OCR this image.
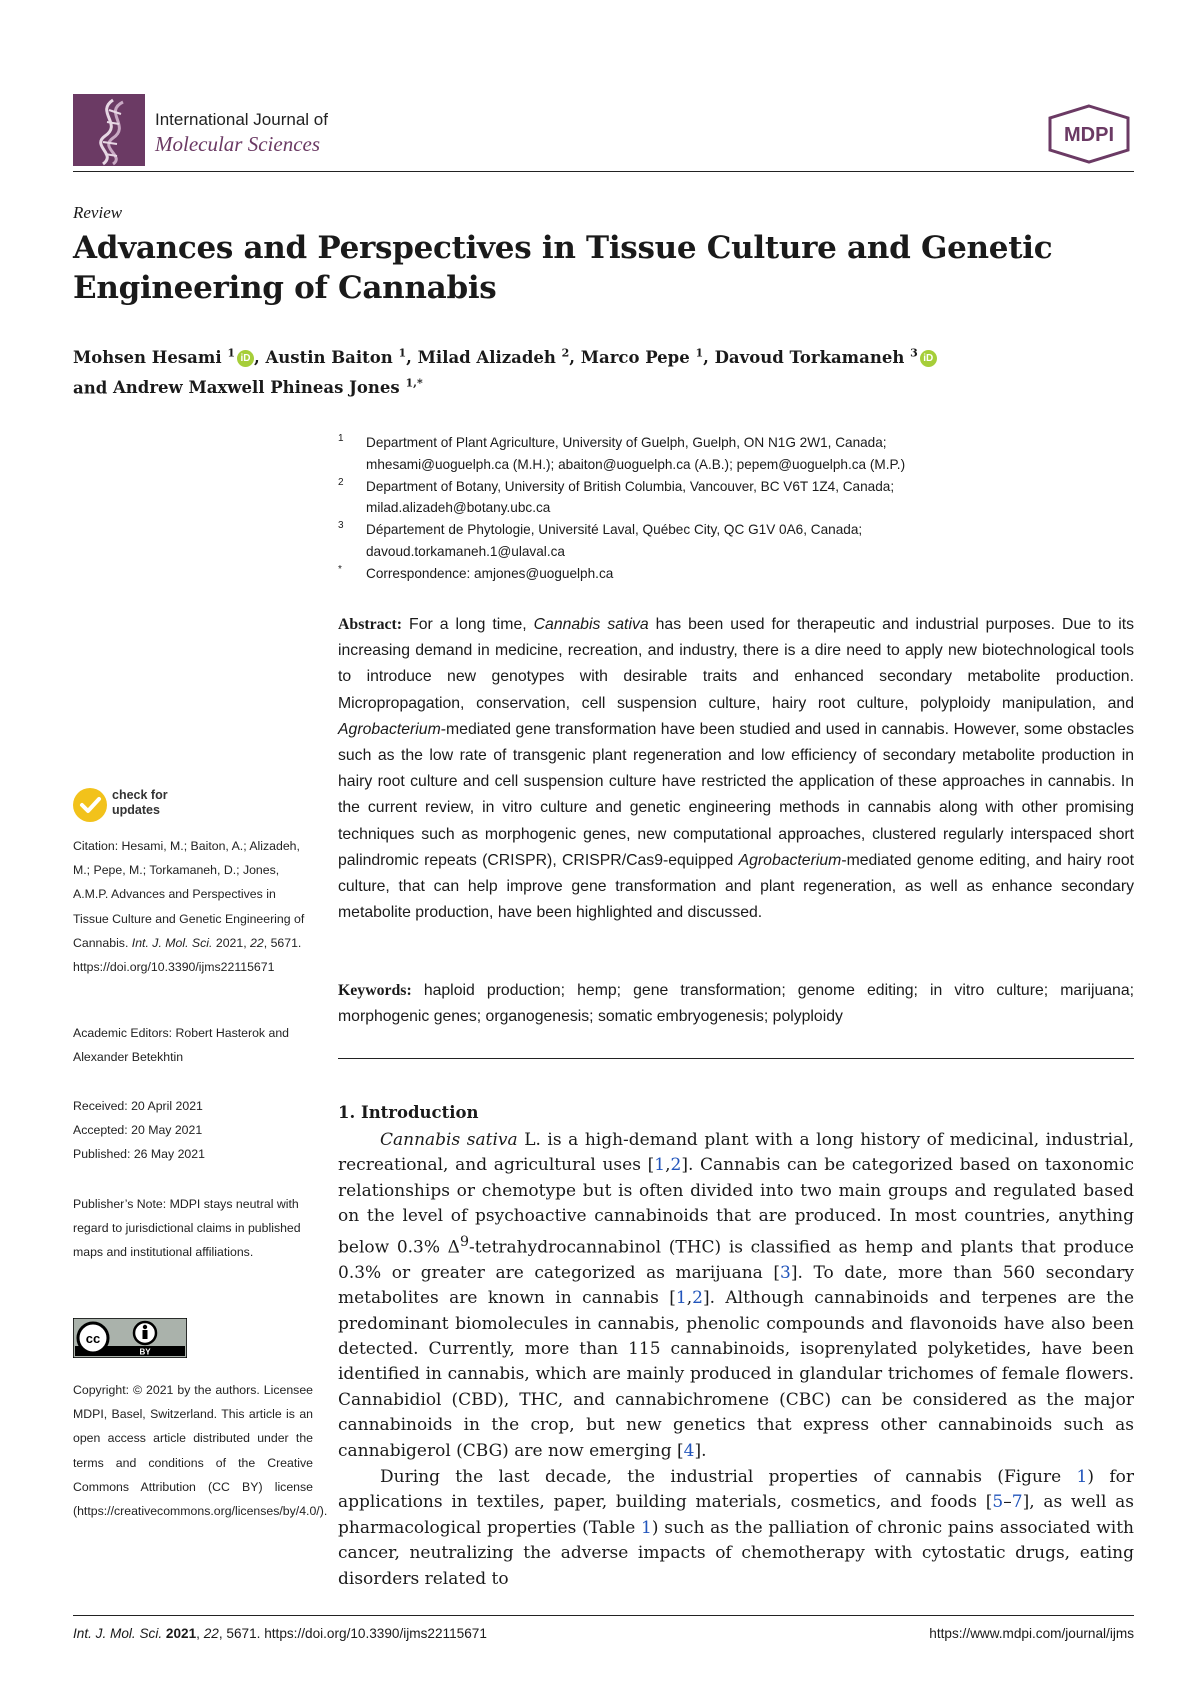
International Journal of
Molecular Sciences	MDPI
Review
Advances and Perspectives in Tissue Culture and Genetic Engineering of Cannabis
Mohsen Hesami $^1$ iD , Austin Baiton $^1$, Milad Alizadeh $^2$, Marco Pepe $^1$, Davoud Torkamaneh $^3$ iD
and Andrew Maxwell Phineas Jones $^{1,*}$
1 Department of Plant Agriculture, University of Guelph, Guelph, ON N1G 2W1, Canada;
mhesami@uoguelph.ca (M.H.); abaiton@uoguelph.ca (A.B.); pepem@uoguelph.ca (M.P.)
2 Department of Botany, University of British Columbia, Vancouver, BC V6T 1Z4, Canada;
milad.alizadeh@botany.ubc.ca
3 Département de Phytologie, Université Laval, Québec City, QC G1V 0A6, Canada;
davoud.torkamaneh.1@ulaval.ca
* Correspondence: amjones@uoguelph.ca
Abstract: For a long time, Cannabis sativa has been used for therapeutic and industrial purposes. Due to its increasing demand in medicine, recreation, and industry, there is a dire need to apply new biotechnological tools to introduce new genotypes with desirable traits and enhanced secondary metabolite production. Micropropagation, conservation, cell suspension culture, hairy root culture, polyploidy manipulation, and Agrobacterium-mediated gene transformation have been studied and used in cannabis. However, some obstacles such as the low rate of transgenic plant regeneration and low efficiency of secondary metabolite production in hairy root culture and cell suspension culture have restricted the application of these approaches in cannabis. In the current review, in vitro culture and genetic engineering methods in cannabis along with other promising techniques such as morphogenic genes, new computational approaches, clustered regularly interspaced short palindromic repeats (CRISPR), CRISPR/Cas9-equipped Agrobacterium-mediated genome editing, and hairy root culture, that can help improve gene transformation and plant regeneration, as well as enhance secondary metabolite production, have been highlighted and discussed.
Keywords: haploid production; hemp; gene transformation; genome editing; in vitro culture; marijuana; morphogenic genes; organogenesis; somatic embryogenesis; polyploidy
1. Introduction

Cannabis sativa L. is a high-demand plant with a long history of medicinal, industrial, recreational, and agricultural uses [1,2]. Cannabis can be categorized based on taxonomic relationships or chemotype but is often divided into two main groups and regulated based on the level of psychoactive cannabinoids that are produced. In most countries, anything below 0.3% $\Delta^9$-tetrahydrocannabinol (THC) is classified as hemp and plants that produce 0.3% or greater are categorized as marijuana [3]. To date, more than 560 secondary metabolites are known in cannabis [1,2]. Although cannabinoids and terpenes are the predominant biomolecules in cannabis, phenolic compounds and flavonoids have also been detected. Currently, more than 115 cannabinoids, isoprenylated polyketides, have been identified in cannabis, which are mainly produced in glandular trichomes of female flowers. Cannabidiol (CBD), THC, and cannabichromene (CBC) can be considered as the major cannabinoids in the crop, but new genetics that express other cannabinoids such as cannabigerol (CBG) are now emerging [4].

During the last decade, the industrial properties of cannabis (Figure 1) for applications in textiles, paper, building materials, cosmetics, and foods [5–7], as well as pharmacological properties (Table 1) such as the palliation of chronic pains associated with cancer, neutralizing the adverse impacts of chemotherapy with cytostatic drugs, eating disorders related to

check for updates
Citation: Hesami, M.; Baiton, A.; Alizadeh, M.; Pepe, M.; Torkamaneh, D.; Jones, A.M.P. Advances and Perspectives in Tissue Culture and Genetic Engineering of Cannabis. Int. J. Mol. Sci. 2021, 22, 5671. https://doi.org/10.3390/ijms22115671
Academic Editors: Robert Hasterok and Alexander Betekhtin
Received: 20 April 2021
Accepted: 20 May 2021
Published: 26 May 2021
Publisher’s Note: MDPI stays neutral with regard to jurisdictional claims in published maps and institutional affiliations.
cc
BY
Copyright: © 2021 by the authors. Licensee MDPI, Basel, Switzerland. This article is an open access article distributed under the terms and conditions of the Creative Commons Attribution (CC BY) license (https://creativecommons.org/licenses/by/4.0/).
Int. J. Mol. Sci. 2021, 22, 5671. https://doi.org/10.3390/ijms22115671	https://www.mdpi.com/journal/ijms
